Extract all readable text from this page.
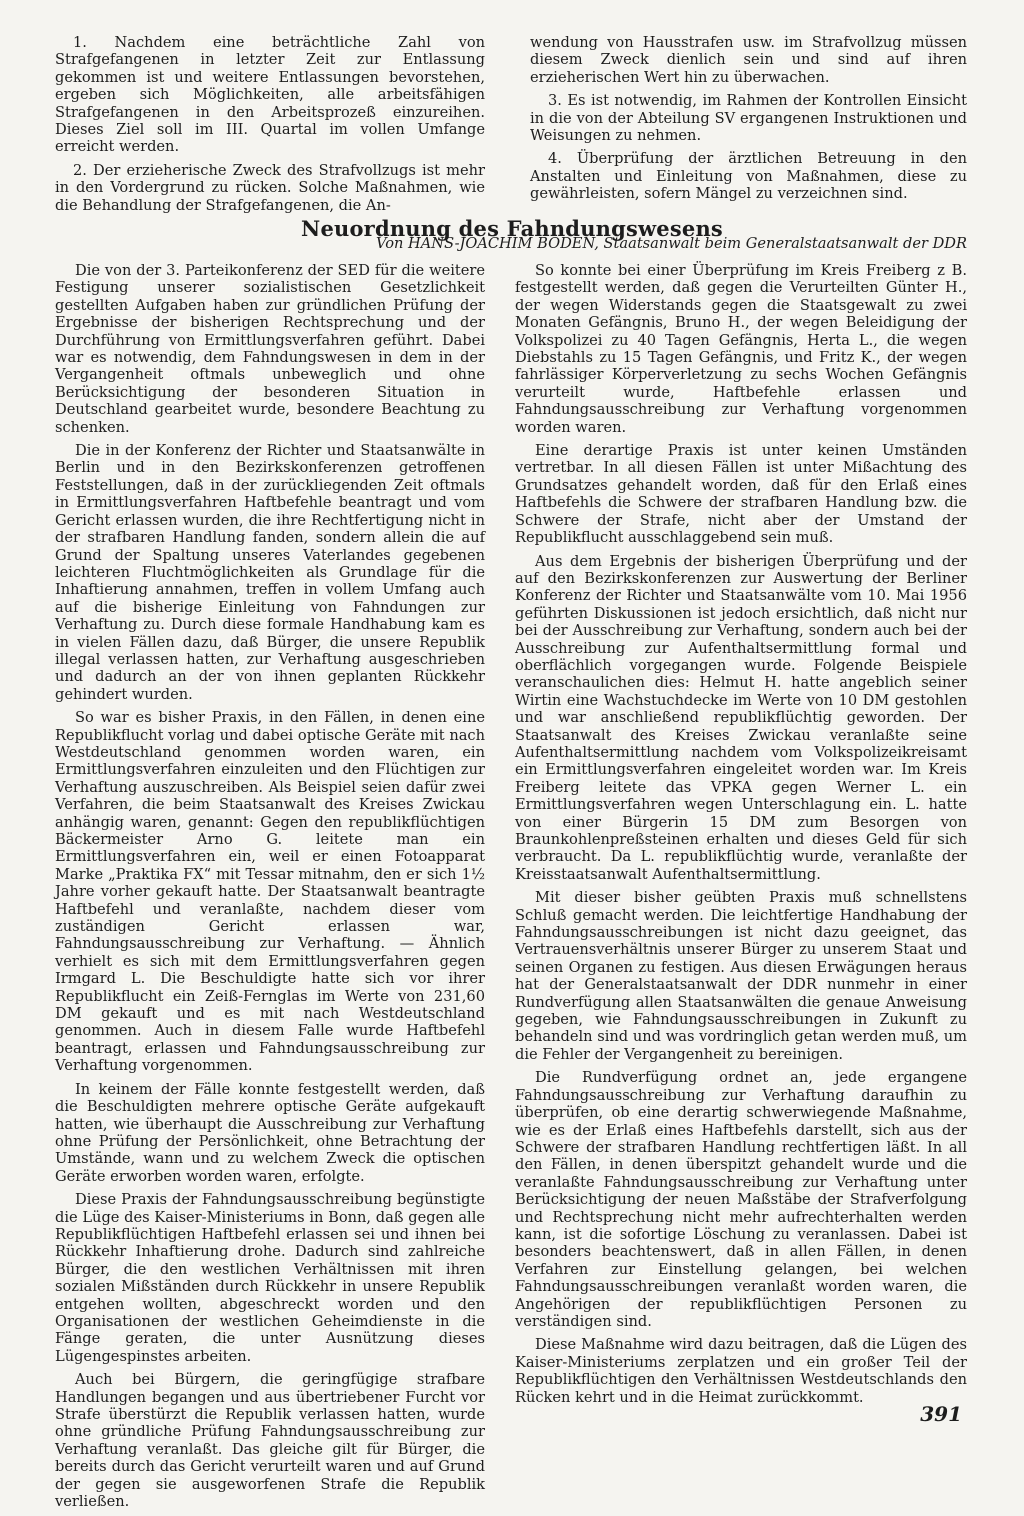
1. Nachdem eine beträchtliche Zahl von Strafgefangenen in letzter Zeit zur Entlassung gekommen ist und weitere Entlassungen bevorstehen, ergeben sich Möglichkeiten, alle arbeitsfähigen Strafgefangenen in den Arbeitsprozeß einzureihen. Dieses Ziel soll im III. Quartal im vollen Umfange erreicht werden.

2. Der erzieherische Zweck des Strafvollzugs ist mehr in den Vordergrund zu rücken. Solche Maßnahmen, wie die Behandlung der Strafgefangenen, die An-

wendung von Hausstrafen usw. im Strafvollzug müssen diesem Zweck dienlich sein und sind auf ihren erzieherischen Wert hin zu überwachen.

3. Es ist notwendig, im Rahmen der Kontrollen Einsicht in die von der Abteilung SV ergangenen Instruktionen und Weisungen zu nehmen.

4. Überprüfung der ärztlichen Betreuung in den Anstalten und Einleitung von Maßnahmen, diese zu gewährleisten, sofern Mängel zu verzeichnen sind.

Neuordnung des Fahndungswesens
Von HANS-JOACHIM BODEN, Staatsanwalt beim Generalstaatsanwalt der DDR

Die von der 3. Parteikonferenz der SED für die weitere Festigung unserer sozialistischen Gesetzlichkeit gestellten Aufgaben haben zur gründlichen Prüfung der Ergebnisse der bisherigen Rechtsprechung und der Durchführung von Ermittlungsverfahren geführt. Dabei war es notwendig, dem Fahndungswesen in dem in der Vergangenheit oftmals unbeweglich und ohne Berücksichtigung der besonderen Situation in Deutschland gearbeitet wurde, besondere Beachtung zu schenken.

Die in der Konferenz der Richter und Staatsanwälte in Berlin und in den Bezirkskonferenzen getroffenen Feststellungen, daß in der zurückliegenden Zeit oftmals in Ermittlungsverfahren Haftbefehle beantragt und vom Gericht erlassen wurden, die ihre Rechtfertigung nicht in der strafbaren Handlung fanden, sondern allein die auf Grund der Spaltung unseres Vaterlandes gegebenen leichteren Fluchtmöglichkeiten als Grundlage für die Inhaftierung annahmen, treffen in vollem Umfang auch auf die bisherige Einleitung von Fahndungen zur Verhaftung zu. Durch diese formale Handhabung kam es in vielen Fällen dazu, daß Bürger, die unsere Republik illegal verlassen hatten, zur Verhaftung ausgeschrieben und dadurch an der von ihnen geplanten Rückkehr gehindert wurden.

So war es bisher Praxis, in den Fällen, in denen eine Republikflucht vorlag und dabei optische Geräte mit nach Westdeutschland genommen worden waren, ein Ermittlungsverfahren einzuleiten und den Flüchtigen zur Verhaftung auszuschreiben. Als Beispiel seien dafür zwei Verfahren, die beim Staatsanwalt des Kreises Zwickau anhängig waren, genannt: Gegen den republikflüchtigen Bäckermeister Arno G. leitete man ein Ermittlungsverfahren ein, weil er einen Fotoapparat Marke „Praktika FX“ mit Tessar mitnahm, den er sich 1½ Jahre vorher gekauft hatte. Der Staatsanwalt beantragte Haftbefehl und veranlaßte, nachdem dieser vom zuständigen Gericht erlassen war, Fahndungsausschreibung zur Verhaftung. — Ähnlich verhielt es sich mit dem Ermittlungsverfahren gegen Irmgard L. Die Beschuldigte hatte sich vor ihrer Republikflucht ein Zeiß-Fernglas im Werte von 231,60 DM gekauft und es mit nach Westdeutschland genommen. Auch in diesem Falle wurde Haftbefehl beantragt, erlassen und Fahndungsausschreibung zur Verhaftung vorgenommen.

In keinem der Fälle konnte festgestellt werden, daß die Beschuldigten mehrere optische Geräte aufgekauft hatten, wie überhaupt die Ausschreibung zur Verhaftung ohne Prüfung der Persönlichkeit, ohne Betrachtung der Umstände, wann und zu welchem Zweck die optischen Geräte erworben worden waren, erfolgte.

Diese Praxis der Fahndungsausschreibung begünstigte die Lüge des Kaiser-Ministeriums in Bonn, daß gegen alle Republikflüchtigen Haftbefehl erlassen sei und ihnen bei Rückkehr Inhaftierung drohe. Dadurch sind zahlreiche Bürger, die den westlichen Verhältnissen mit ihren sozialen Mißständen durch Rückkehr in unsere Republik entgehen wollten, abgeschreckt worden und den Organisationen der westlichen Geheimdienste in die Fänge geraten, die unter Ausnützung dieses Lügengespinstes arbeiten.

Auch bei Bürgern, die geringfügige strafbare Handlungen begangen und aus übertriebener Furcht vor Strafe überstürzt die Republik verlassen hatten, wurde ohne gründliche Prüfung Fahndungsausschreibung zur Verhaftung veranlaßt. Das gleiche gilt für Bürger, die bereits durch das Gericht verurteilt waren und auf Grund der gegen sie ausgeworfenen Strafe die Republik verließen.

So konnte bei einer Überprüfung im Kreis Freiberg z B. festgestellt werden, daß gegen die Verurteilten Günter H., der wegen Widerstands gegen die Staatsgewalt zu zwei Monaten Gefängnis, Bruno H., der wegen Beleidigung der Volkspolizei zu 40 Tagen Gefängnis, Herta L., die wegen Diebstahls zu 15 Tagen Gefängnis, und Fritz K., der wegen fahrlässiger Körperverletzung zu sechs Wochen Gefängnis verurteilt wurde, Haftbefehle erlassen und Fahndungsausschreibung zur Verhaftung vorgenommen worden waren.

Eine derartige Praxis ist unter keinen Umständen vertretbar. In all diesen Fällen ist unter Mißachtung des Grundsatzes gehandelt worden, daß für den Erlaß eines Haftbefehls die Schwere der strafbaren Handlung bzw. die Schwere der Strafe, nicht aber der Umstand der Republikflucht ausschlaggebend sein muß.

Aus dem Ergebnis der bisherigen Überprüfung und der auf den Bezirkskonferenzen zur Auswertung der Berliner Konferenz der Richter und Staatsanwälte vom 10. Mai 1956 geführten Diskussionen ist jedoch ersichtlich, daß nicht nur bei der Ausschreibung zur Verhaftung, sondern auch bei der Ausschreibung zur Aufenthaltsermittlung formal und oberflächlich vorgegangen wurde. Folgende Beispiele veranschaulichen dies: Helmut H. hatte angeblich seiner Wirtin eine Wachstuchdecke im Werte von 10 DM gestohlen und war anschließend republikflüchtig geworden. Der Staatsanwalt des Kreises Zwickau veranlaßte seine Aufenthaltsermittlung nachdem vom Volkspolizeikreisamt ein Ermittlungsverfahren eingeleitet worden war. Im Kreis Freiberg leitete das VPKA gegen Werner L. ein Ermittlungsverfahren wegen Unterschlagung ein. L. hatte von einer Bürgerin 15 DM zum Besorgen von Braunkohlenpreßsteinen erhalten und dieses Geld für sich verbraucht. Da L. republikflüchtig wurde, veranlaßte der Kreisstaatsanwalt Aufenthaltsermittlung.

Mit dieser bisher geübten Praxis muß schnellstens Schluß gemacht werden. Die leichtfertige Handhabung der Fahndungsausschreibungen ist nicht dazu geeignet, das Vertrauensverhältnis unserer Bürger zu unserem Staat und seinen Organen zu festigen. Aus diesen Erwägungen heraus hat der Generalstaatsanwalt der DDR nunmehr in einer Rundverfügung allen Staatsanwälten die genaue Anweisung gegeben, wie Fahndungsausschreibungen in Zukunft zu behandeln sind und was vordringlich getan werden muß, um die Fehler der Vergangenheit zu bereinigen.

Die Rundverfügung ordnet an, jede ergangene Fahndungsausschreibung zur Verhaftung daraufhin zu überprüfen, ob eine derartig schwerwiegende Maßnahme, wie es der Erlaß eines Haftbefehls darstellt, sich aus der Schwere der strafbaren Handlung rechtfertigen läßt. In all den Fällen, in denen überspitzt gehandelt wurde und die veranlaßte Fahndungsausschreibung zur Verhaftung unter Berücksichtigung der neuen Maßstäbe der Strafverfolgung und Rechtsprechung nicht mehr aufrechterhalten werden kann, ist die sofortige Löschung zu veranlassen. Dabei ist besonders beachtenswert, daß in allen Fällen, in denen Verfahren zur Einstellung gelangen, bei welchen Fahndungsausschreibungen veranlaßt worden waren, die Angehörigen der republikflüchtigen Personen zu verständigen sind.

Diese Maßnahme wird dazu beitragen, daß die Lügen des Kaiser-Ministeriums zerplatzen und ein großer Teil der Republikflüchtigen den Verhältnissen Westdeutschlands den Rücken kehrt und in die Heimat zurückkommt.

391
